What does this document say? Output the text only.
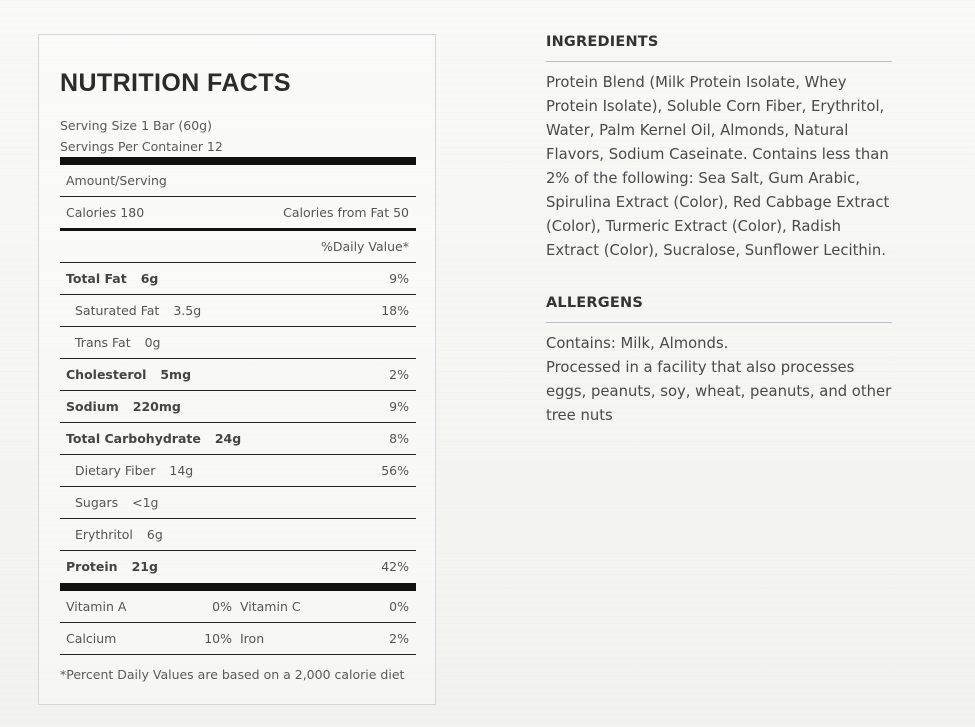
NUTRITION FACTS
Serving Size 1 Bar (60g)
Servings Per Container 12
Amount/Serving
Calories 180	Calories from Fat 50
%Daily Value*
Total Fat 6g	9%
Saturated Fat 3.5g	18%
Trans Fat 0g
Cholesterol 5mg	2%
Sodium 220mg	9%
Total Carbohydrate 24g	8%
Dietary Fiber 14g	56%
Sugars <1g
Erythritol 6g
Protein 21g	42%
Vitamin A	0% Vitamin C	0%
Calcium	10% Iron	2%
*Percent Daily Values are based on a 2,000 calorie diet
INGREDIENTS
Protein Blend (Milk Protein Isolate, Whey Protein Isolate), Soluble Corn Fiber, Erythritol, Water, Palm Kernel Oil, Almonds, Natural Flavors, Sodium Caseinate. Contains less than 2% of the following: Sea Salt, Gum Arabic, Spirulina Extract (Color), Red Cabbage Extract (Color), Turmeric Extract (Color), Radish Extract (Color), Sucralose, Sunflower Lecithin.
ALLERGENS
Contains: Milk, Almonds.
Processed in a facility that also processes eggs, peanuts, soy, wheat, peanuts, and other tree nuts
